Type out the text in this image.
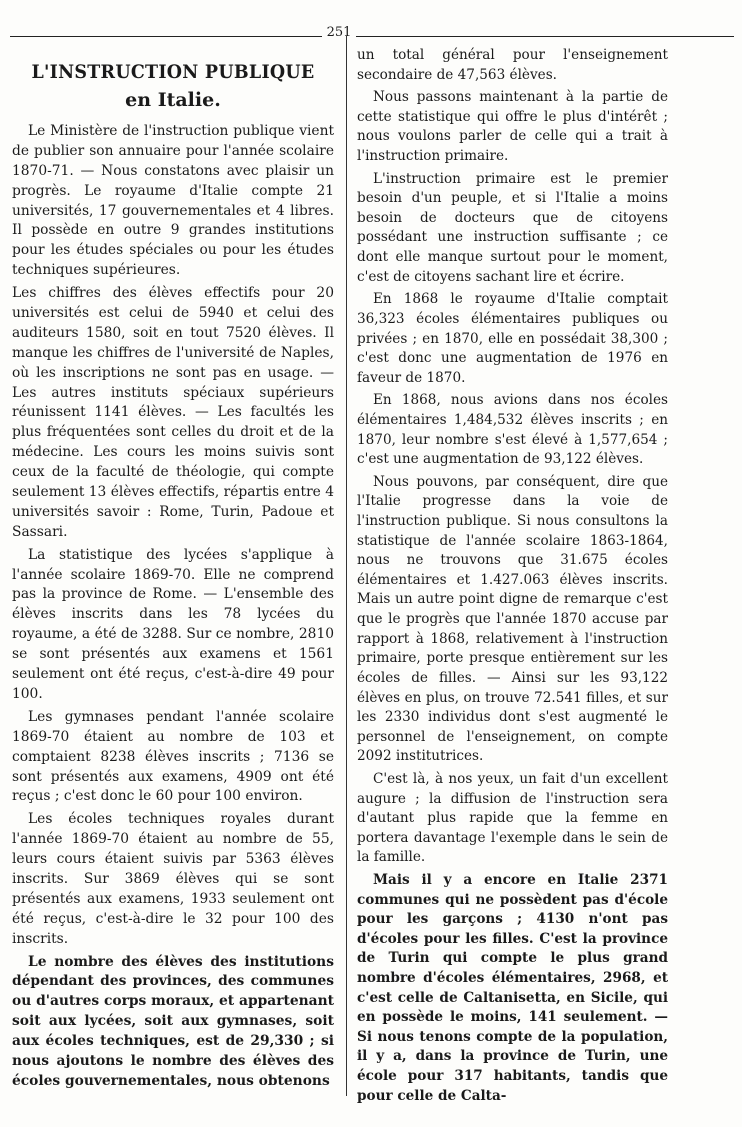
251
L'INSTRUCTION PUBLIQUE
en Italie.

Le Ministère de l'instruction publique vient de publier son annuaire pour l'année scolaire 1870-71. — Nous constatons avec plaisir un progrès. Le royaume d'Italie compte 21 universités, 17 gouvernementales et 4 libres. Il possède en outre 9 grandes institutions pour les études spéciales ou pour les études techniques supérieures.

Les chiffres des élèves effectifs pour 20 universités est celui de 5940 et celui des auditeurs 1580, soit en tout 7520 élèves. Il manque les chiffres de l'université de Naples, où les inscriptions ne sont pas en usage. — Les autres instituts spéciaux supérieurs réunissent 1141 élèves. — Les facultés les plus fréquentées sont celles du droit et de la médecine. Les cours les moins suivis sont ceux de la faculté de théologie, qui compte seulement 13 élèves effectifs, répartis entre 4 universités savoir : Rome, Turin, Padoue et Sassari.

La statistique des lycées s'applique à l'année scolaire 1869-70. Elle ne comprend pas la province de Rome. — L'ensemble des élèves inscrits dans les 78 lycées du royaume, a été de 3288. Sur ce nombre, 2810 se sont présentés aux examens et 1561 seulement ont été reçus, c'est-à-dire 49 pour 100.

Les gymnases pendant l'année scolaire 1869-70 étaient au nombre de 103 et comptaient 8238 élèves inscrits ; 7136 se sont présentés aux examens, 4909 ont été reçus ; c'est donc le 60 pour 100 environ.

Les écoles techniques royales durant l'année 1869-70 étaient au nombre de 55, leurs cours étaient suivis par 5363 élèves inscrits. Sur 3869 élèves qui se sont présentés aux examens, 1933 seulement ont été reçus, c'est-à-dire le 32 pour 100 des inscrits.

Le nombre des élèves des institutions dépendant des provinces, des communes ou d'autres corps moraux, et appartenant soit aux lycées, soit aux gymnases, soit aux écoles techniques, est de 29,330 ; si nous ajoutons le nombre des élèves des écoles gouvernementales, nous obtenons

un total général pour l'enseignement secondaire de 47,563 élèves.

Nous passons maintenant à la partie de cette statistique qui offre le plus d'intérêt ; nous voulons parler de celle qui a trait à l'instruction primaire.

L'instruction primaire est le premier besoin d'un peuple, et si l'Italie a moins besoin de docteurs que de citoyens possédant une instruction suffisante ; ce dont elle manque surtout pour le moment, c'est de citoyens sachant lire et écrire.

En 1868 le royaume d'Italie comptait 36,323 écoles élémentaires publiques ou privées ; en 1870, elle en possédait 38,300 ; c'est donc une augmentation de 1976 en faveur de 1870.

En 1868, nous avions dans nos écoles élémentaires 1,484,532 élèves inscrits ; en 1870, leur nombre s'est élevé à 1,577,654 ; c'est une augmentation de 93,122 élèves.

Nous pouvons, par conséquent, dire que l'Italie progresse dans la voie de l'instruction publique. Si nous consultons la statistique de l'année scolaire 1863-1864, nous ne trouvons que 31.675 écoles élémentaires et 1.427.063 élèves inscrits. Mais un autre point digne de remarque c'est que le progrès que l'année 1870 accuse par rapport à 1868, relativement à l'instruction primaire, porte presque entièrement sur les écoles de filles. — Ainsi sur les 93,122 élèves en plus, on trouve 72.541 filles, et sur les 2330 individus dont s'est augmenté le personnel de l'enseignement, on compte 2092 institutrices.

C'est là, à nos yeux, un fait d'un excellent augure ; la diffusion de l'instruction sera d'autant plus rapide que la femme en portera davantage l'exemple dans le sein de la famille.

Mais il y a encore en Italie 2371 communes qui ne possèdent pas d'école pour les garçons ; 4130 n'ont pas d'écoles pour les filles. C'est la province de Turin qui compte le plus grand nombre d'écoles élémentaires, 2968, et c'est celle de Caltanisetta, en Sicile, qui en possède le moins, 141 seulement. — Si nous tenons compte de la population, il y a, dans la province de Turin, une école pour 317 habitants, tandis que pour celle de Calta-
